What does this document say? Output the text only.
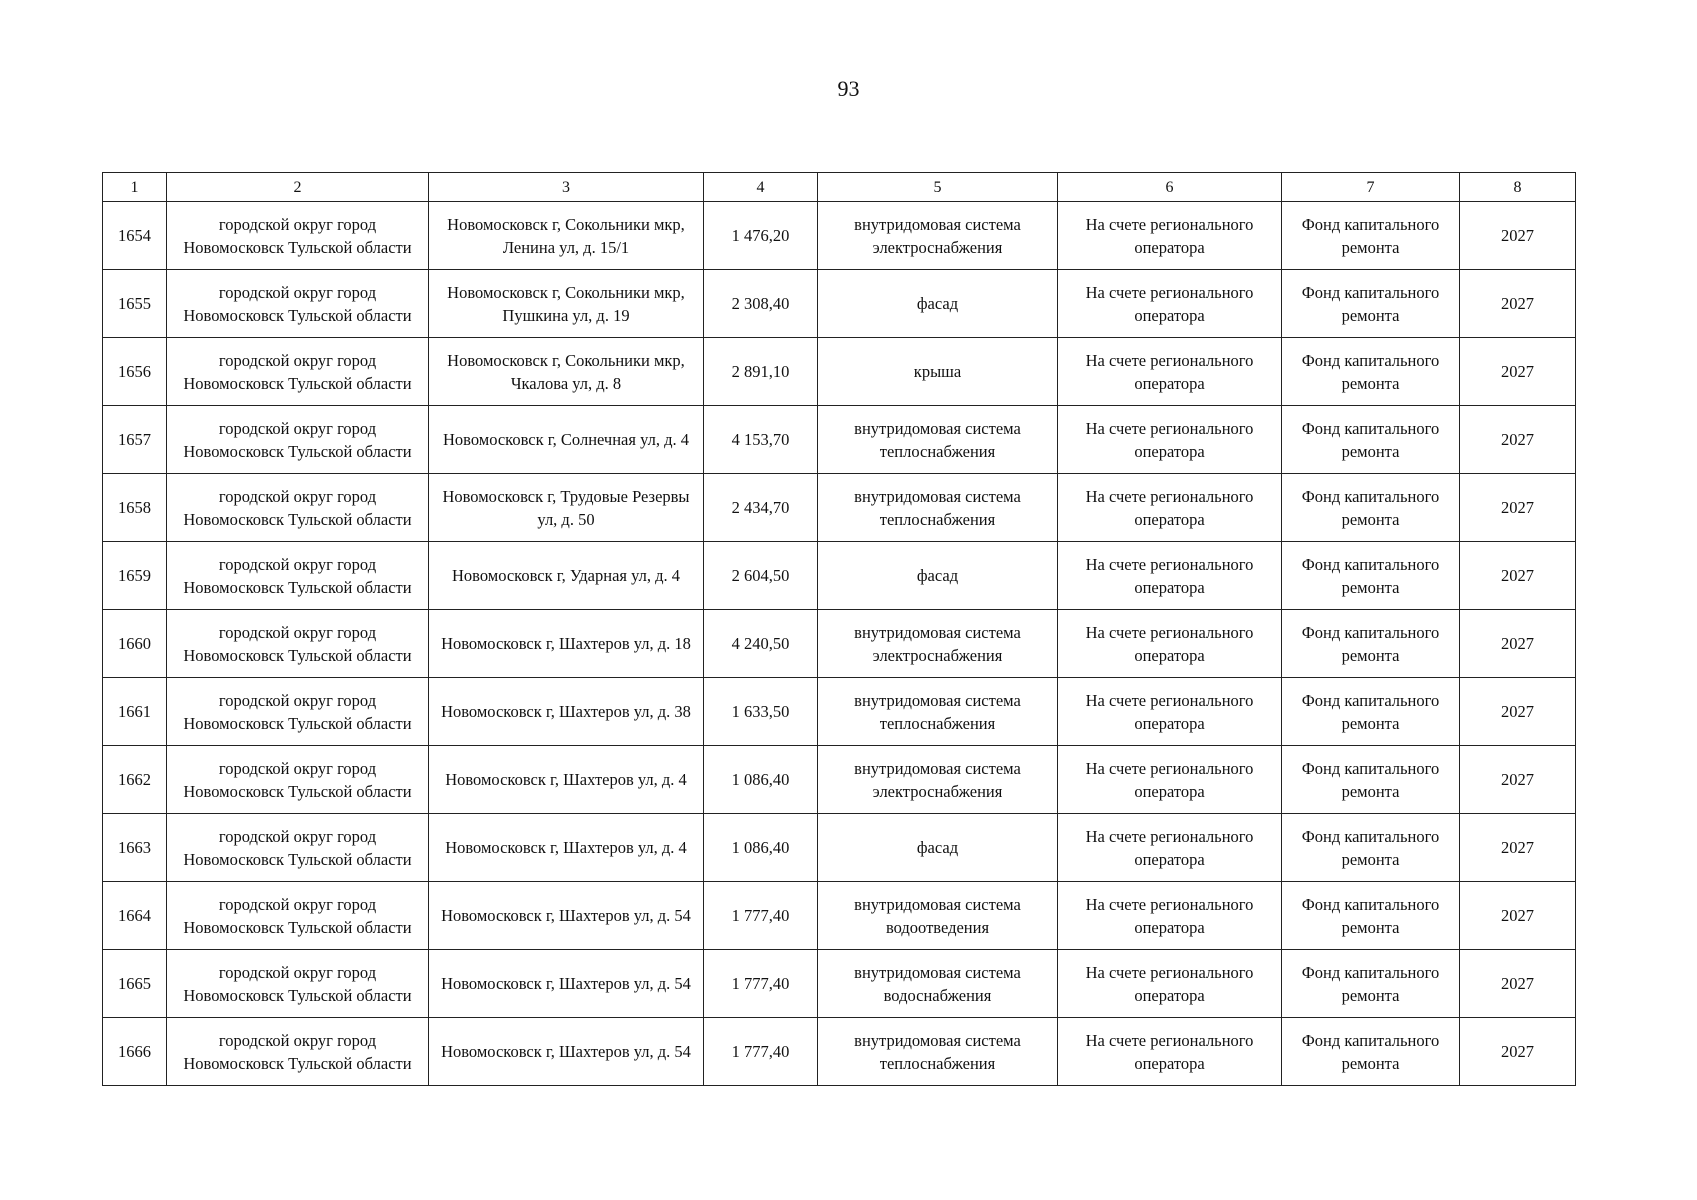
93
1	2	3	4	5	6	7	8
1654	городской округ город Новомосковск Тульской области	Новомосковск г, Сокольники мкр, Ленина ул, д. 15/1	1 476,20	внутридомовая система электроснабжения	На счете регионального оператора	Фонд капитального ремонта	2027
1655	городской округ город Новомосковск Тульской области	Новомосковск г, Сокольники мкр, Пушкина ул, д. 19	2 308,40	фасад	На счете регионального оператора	Фонд капитального ремонта	2027
1656	городской округ город Новомосковск Тульской области	Новомосковск г, Сокольники мкр, Чкалова ул, д. 8	2 891,10	крыша	На счете регионального оператора	Фонд капитального ремонта	2027
1657	городской округ город Новомосковск Тульской области	Новомосковск г, Солнечная ул, д. 4	4 153,70	внутридомовая система теплоснабжения	На счете регионального оператора	Фонд капитального ремонта	2027
1658	городской округ город Новомосковск Тульской области	Новомосковск г, Трудовые Резервы ул, д. 50	2 434,70	внутридомовая система теплоснабжения	На счете регионального оператора	Фонд капитального ремонта	2027
1659	городской округ город Новомосковск Тульской области	Новомосковск г, Ударная ул, д. 4	2 604,50	фасад	На счете регионального оператора	Фонд капитального ремонта	2027
1660	городской округ город Новомосковск Тульской области	Новомосковск г, Шахтеров ул, д. 18	4 240,50	внутридомовая система электроснабжения	На счете регионального оператора	Фонд капитального ремонта	2027
1661	городской округ город Новомосковск Тульской области	Новомосковск г, Шахтеров ул, д. 38	1 633,50	внутридомовая система теплоснабжения	На счете регионального оператора	Фонд капитального ремонта	2027
1662	городской округ город Новомосковск Тульской области	Новомосковск г, Шахтеров ул, д. 4	1 086,40	внутридомовая система электроснабжения	На счете регионального оператора	Фонд капитального ремонта	2027
1663	городской округ город Новомосковск Тульской области	Новомосковск г, Шахтеров ул, д. 4	1 086,40	фасад	На счете регионального оператора	Фонд капитального ремонта	2027
1664	городской округ город Новомосковск Тульской области	Новомосковск г, Шахтеров ул, д. 54	1 777,40	внутридомовая система водоотведения	На счете регионального оператора	Фонд капитального ремонта	2027
1665	городской округ город Новомосковск Тульской области	Новомосковск г, Шахтеров ул, д. 54	1 777,40	внутридомовая система водоснабжения	На счете регионального оператора	Фонд капитального ремонта	2027
1666	городской округ город Новомосковск Тульской области	Новомосковск г, Шахтеров ул, д. 54	1 777,40	внутридомовая система теплоснабжения	На счете регионального оператора	Фонд капитального ремонта	2027
